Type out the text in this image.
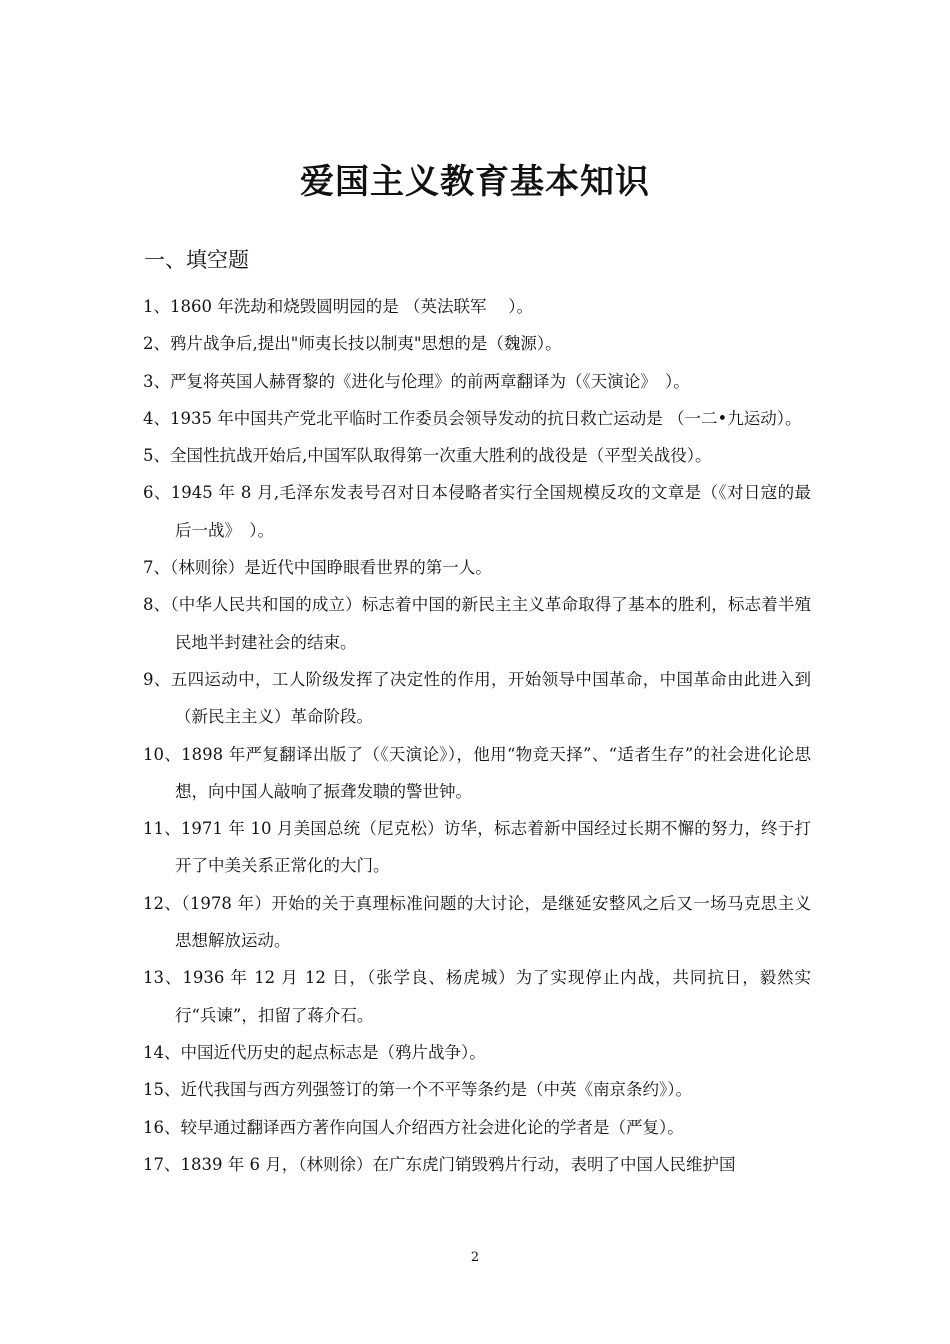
爱国主义教育基本知识
一、填空题
1、1860 年洗劫和烧毁圆明园的是 （英法联军　 ）。
2、鸦片战争后,提出"师夷长技以制夷"思想的是（魏源）。
3、严复将英国人赫胥黎的《进化与伦理》的前两章翻译为（《天演论》　）。
4、1935 年中国共产党北平临时工作委员会领导发动的抗日救亡运动是 （一二•九运动）。
5、全国性抗战开始后,中国军队取得第一次重大胜利的战役是（平型关战役）。
6、1945 年 8 月,毛泽东发表号召对日本侵略者实行全国规模反攻的文章是（《对日寇的最后一战》　）。
7、（林则徐）是近代中国睁眼看世界的第一人。
8、（中华人民共和国的成立）标志着中国的新民主主义革命取得了基本的胜利，标志着半殖民地半封建社会的结束。
9、五四运动中，工人阶级发挥了决定性的作用，开始领导中国革命，中国革命由此进入到（新民主主义）革命阶段。
10、1898 年严复翻译出版了（《天演论》），他用“物竞天择”、“适者生存”的社会进化论思想，向中国人敲响了振聋发聩的警世钟。
11、1971 年 10 月美国总统（尼克松）访华，标志着新中国经过长期不懈的努力，终于打开了中美关系正常化的大门。
12、（1978 年）开始的关于真理标准问题的大讨论，是继延安整风之后又一场马克思主义思想解放运动。
13、1936 年 12 月 12 日，（张学良、杨虎城）为了实现停止内战，共同抗日，毅然实行“兵谏”，扣留了蒋介石。
14、中国近代历史的起点标志是（鸦片战争）。
15、近代我国与西方列强签订的第一个不平等条约是（中英《南京条约》）。
16、较早通过翻译西方著作向国人介绍西方社会进化论的学者是（严复）。
17、1839 年 6 月，（林则徐）在广东虎门销毁鸦片行动，表明了中国人民维护国
2
